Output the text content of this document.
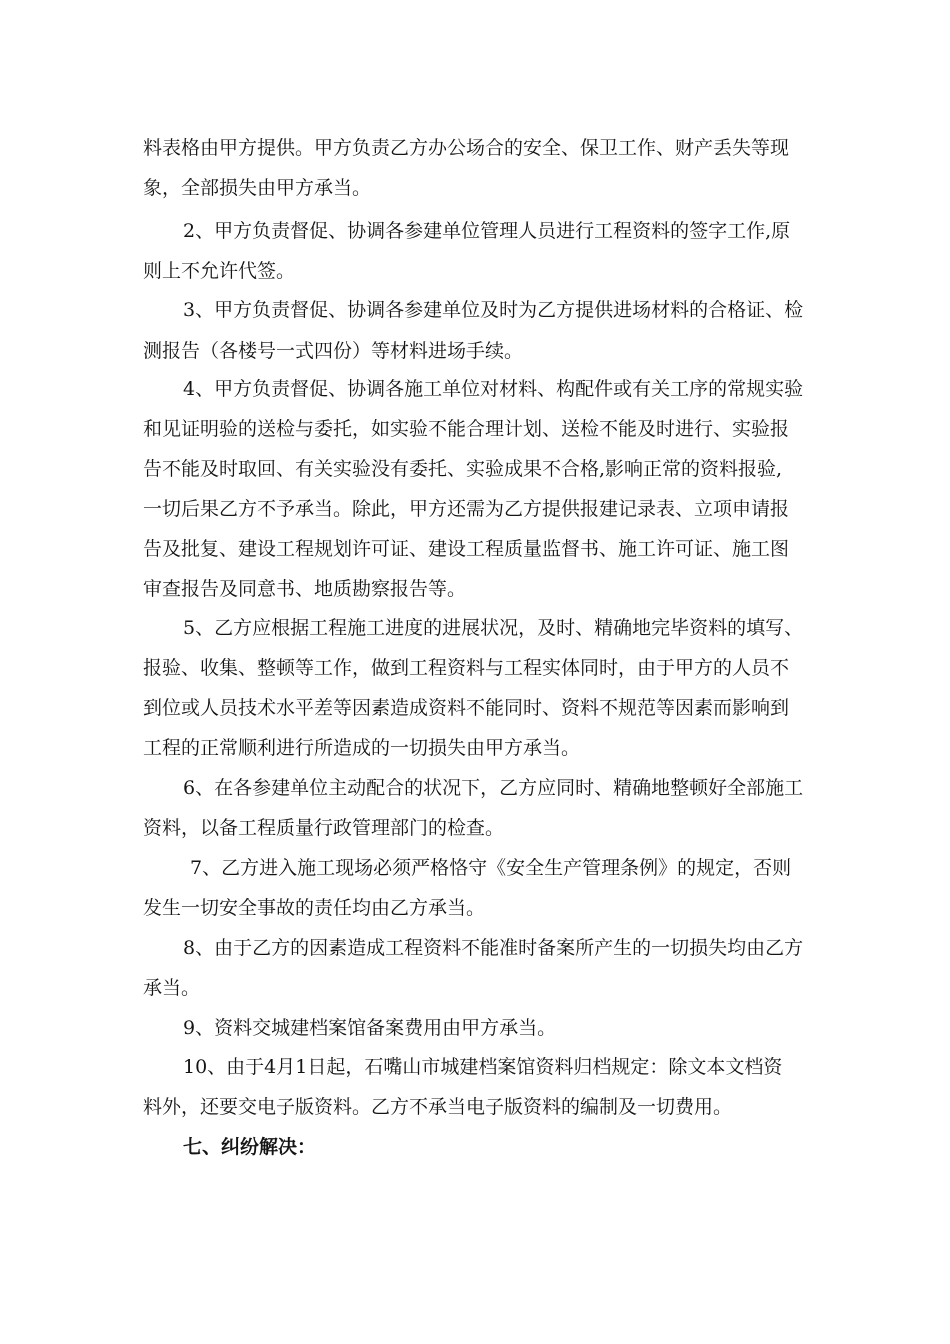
料表格由甲方提供。甲方负责乙方办公场合的安全、保卫工作、财产丢失等现
象，全部损失由甲方承当。
2、甲方负责督促、协调各参建单位管理人员进行工程资料的签字工作,原
则上不允许代签。
3、甲方负责督促、协调各参建单位及时为乙方提供进场材料的合格证、检
测报告（各楼号一式四份）等材料进场手续。
4、甲方负责督促、协调各施工单位对材料、构配件或有关工序的常规实验
和见证明验的送检与委托，如实验不能合理计划、送检不能及时进行、实验报
告不能及时取回、有关实验没有委托、实验成果不合格,影响正常的资料报验,
一切后果乙方不予承当。除此，甲方还需为乙方提供报建记录表、立项申请报
告及批复、建设工程规划许可证、建设工程质量监督书、施工许可证、施工图
审查报告及同意书、地质勘察报告等。
5、乙方应根据工程施工进度的进展状况，及时、精确地完毕资料的填写、
报验、收集、整顿等工作，做到工程资料与工程实体同时，由于甲方的人员不
到位或人员技术水平差等因素造成资料不能同时、资料不规范等因素而影响到
工程的正常顺利进行所造成的一切损失由甲方承当。
6、在各参建单位主动配合的状况下，乙方应同时、精确地整顿好全部施工
资料，以备工程质量行政管理部门的检查。
7、乙方进入施工现场必须严格恪守《安全生产管理条例》的规定，否则
发生一切安全事故的责任均由乙方承当。
8、由于乙方的因素造成工程资料不能准时备案所产生的一切损失均由乙方
承当。
9、资料交城建档案馆备案费用由甲方承当。
10、由于4月1日起，石嘴山市城建档案馆资料归档规定：除文本文档资
料外，还要交电子版资料。乙方不承当电子版资料的编制及一切费用。
七、纠纷解决：
